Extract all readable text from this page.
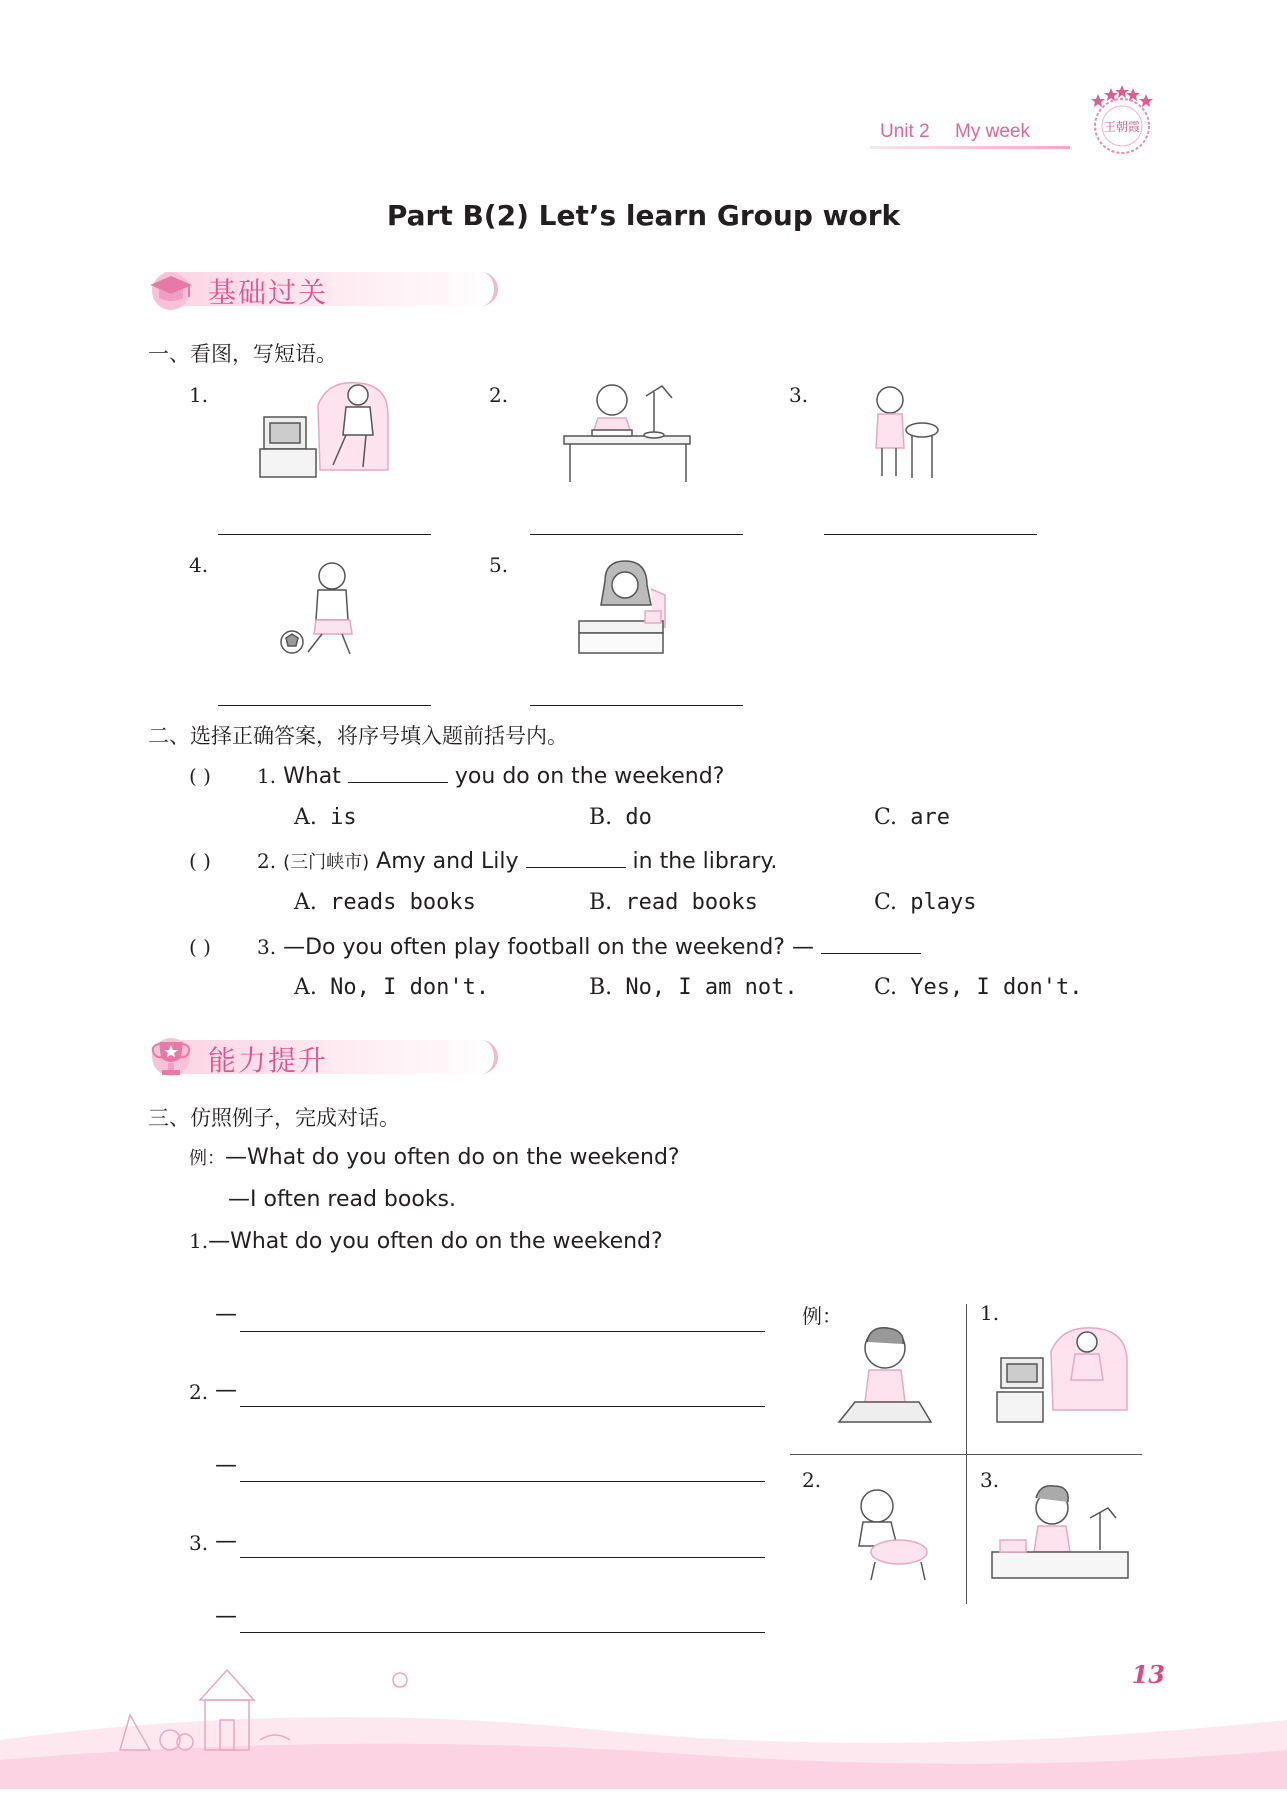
Unit 2 My week	王朝霞
Part B(2) Let’s learn Group work
基础过关
一、看图，写短语。
1.	2.	3.
4.	5.
二、选择正确答案，将序号填入题前括号内。
( ) 1. What	you do on the weekend?
A. is	B. do	C. are
( ) 2. (三门峡市) Amy and Lily	in the library.
A. reads books	B. read books	C. plays
( ) 3. —Do you often play football on the weekend? —
A. No, I don't.	B. No, I am not.	C. Yes, I don't.
能力提升
三、仿照例子，完成对话。
例：—What do you often do on the weekend?
—I often read books.
1.—What do you often do on the weekend?
—
2. —
—
3. —
—
例：	1.
2.	3.
13
